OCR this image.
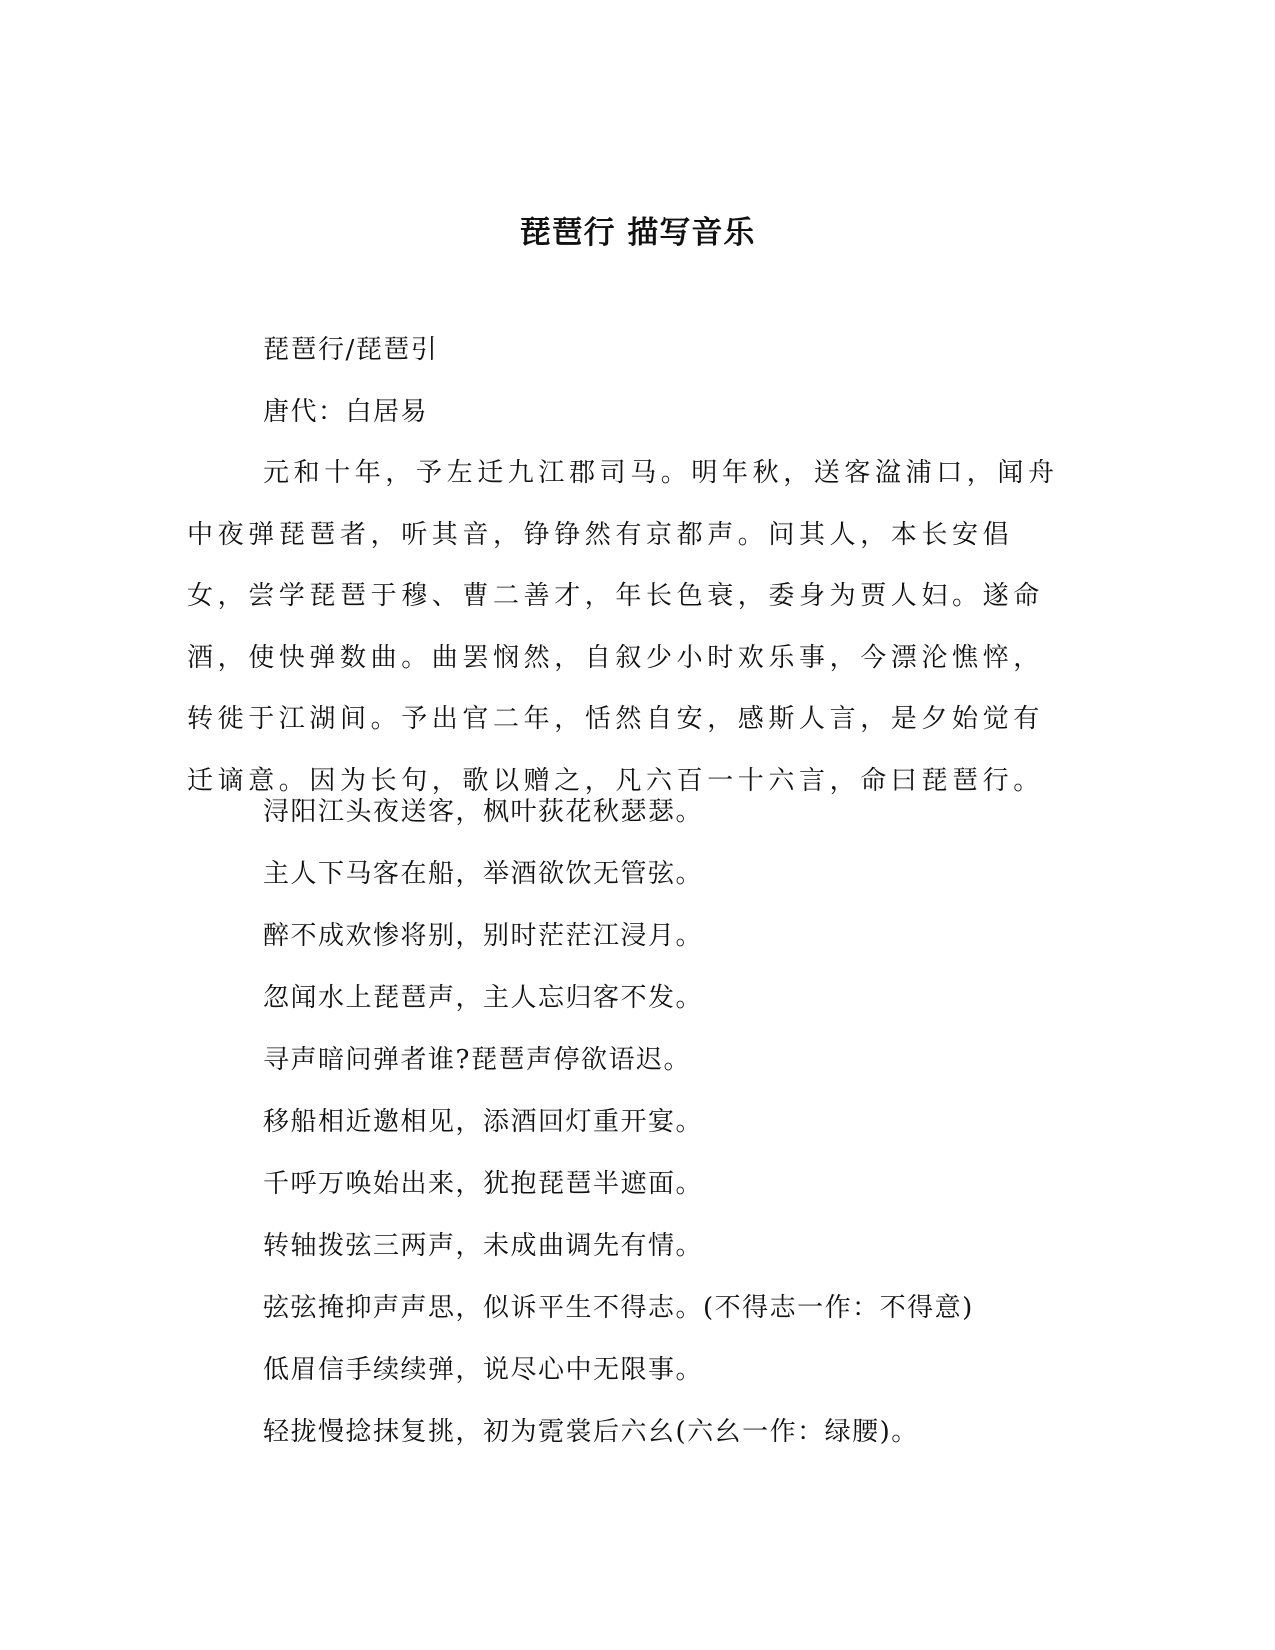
琵琶行 描写音乐

琵琶行/琵琶引

唐代：白居易

元和十年，予左迁九江郡司马。明年秋，送客湓浦口，闻舟中夜弹琵琶者，听其音，铮铮然有京都声。问其人，本长安倡女，尝学琵琶于穆、曹二善才，年长色衰，委身为贾人妇。遂命酒，使快弹数曲。曲罢悯然，自叙少小时欢乐事，今漂沦憔悴，转徙于江湖间。予出官二年，恬然自安，感斯人言，是夕始觉有迁谪意。因为长句，歌以赠之，凡六百一十六言，命曰琵琶行。

浔阳江头夜送客，枫叶荻花秋瑟瑟。

主人下马客在船，举酒欲饮无管弦。

醉不成欢惨将别，别时茫茫江浸月。

忽闻水上琵琶声，主人忘归客不发。

寻声暗问弹者谁?琵琶声停欲语迟。

移船相近邀相见，添酒回灯重开宴。

千呼万唤始出来，犹抱琵琶半遮面。

转轴拨弦三两声，未成曲调先有情。

弦弦掩抑声声思，似诉平生不得志。(不得志一作：不得意)

低眉信手续续弹，说尽心中无限事。

轻拢慢捻抹复挑，初为霓裳后六幺(六幺一作：绿腰)。
